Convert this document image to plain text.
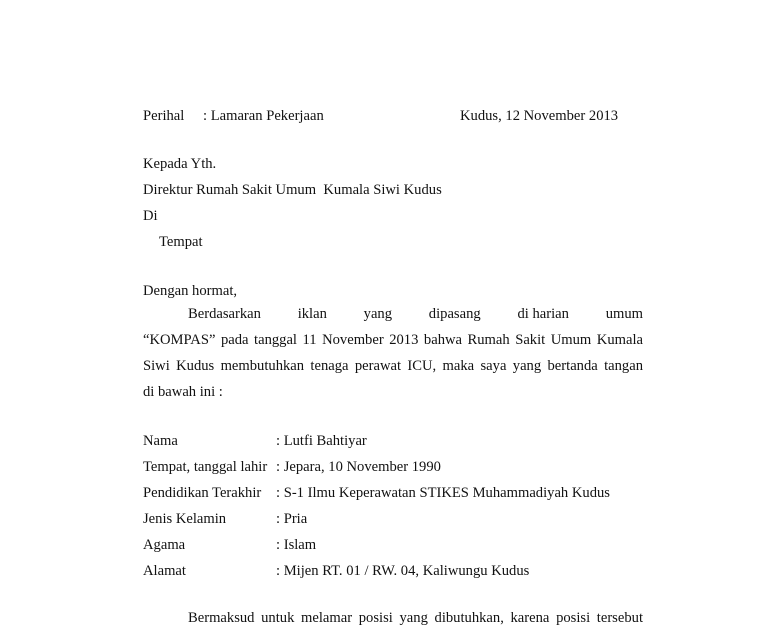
Perihal : Lamaran Pekerjaan	Kudus, 12 November 2013
Kepada Yth.
Direktur Rumah Sakit Umum  Kumala Siwi Kudus
Di
Tempat
Dengan hormat,
Berdasarkan	iklan	yang	dipasang	di harian	umum
“KOMPAS” pada tanggal 11 November 2013 bahwa Rumah Sakit Umum Kumala
Siwi Kudus membutuhkan tenaga perawat ICU, maka saya yang bertanda tangan
di bawah ini :
Nama	: Lutfi Bahtiyar
Tempat, tanggal lahir : Jepara, 10 November 1990
Pendidikan Terakhir : S-1 Ilmu Keperawatan STIKES Muhammadiyah Kudus
Jenis Kelamin	: Pria
Agama	: Islam
Alamat	: Mijen RT. 01 / RW. 04, Kaliwungu Kudus
Bermaksud untuk melamar posisi yang dibutuhkan, karena posisi tersebut
